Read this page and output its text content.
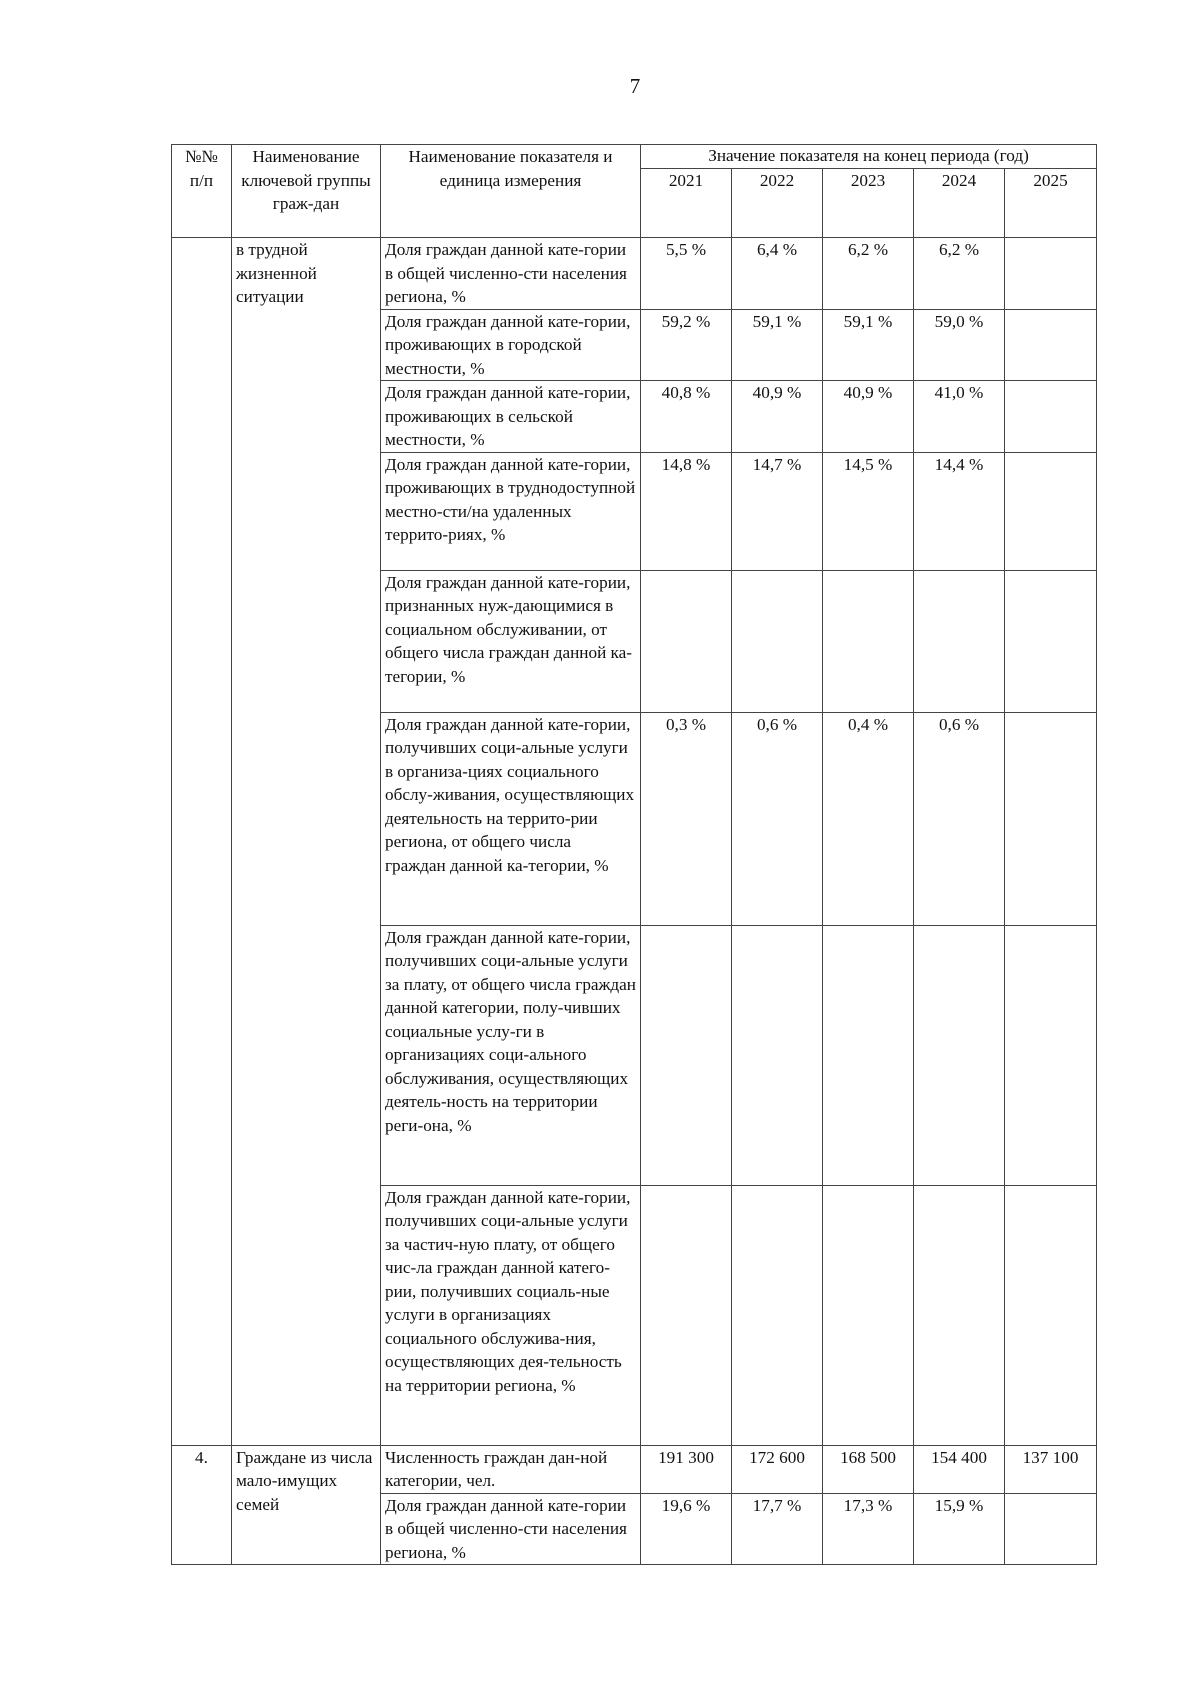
7
№№ п/п	Наименование ключевой группы граж-дан	Наименование показателя и единица измерения	Значение показателя на конец периода (год)				
			2021	2022	2023	2024	2025
	в трудной жизненной ситуации	Доля граждан данной кате-гории в общей численно-сти населения региона, %	5,5 %	6,4 %	6,2 %	6,2 %	
		Доля граждан данной кате-гории, проживающих в городской местности, %	59,2 %	59,1 %	59,1 %	59,0 %	
		Доля граждан данной кате-гории, проживающих в сельской местности, %	40,8 %	40,9 %	40,9 %	41,0 %	
		Доля граждан данной кате-гории, проживающих в труднодоступной местно-сти/на удаленных террито-риях, %	14,8 %	14,7 %	14,5 %	14,4 %	
		Доля граждан данной кате-гории, признанных нуж-дающимися в социальном обслуживании, от общего числа граждан данной ка-тегории, %					
		Доля граждан данной кате-гории, получивших соци-альные услуги в организа-циях социального обслу-живания, осуществляющих деятельность на террито-рии региона, от общего числа граждан данной ка-тегории, %	0,3 %	0,6 %	0,4 %	0,6 %	
		Доля граждан данной кате-гории, получивших соци-альные услуги за плату, от общего числа граждан данной категории, полу-чивших социальные услу-ги в организациях соци-ального обслуживания, осуществляющих деятель-ность на территории реги-она, %					
		Доля граждан данной кате-гории, получивших соци-альные услуги за частич-ную плату, от общего чис-ла граждан данной катего-рии, получивших социаль-ные услуги в организациях социального обслужива-ния, осуществляющих дея-тельность на территории региона, %					
4.	Граждане из числа мало-имущих семей	Численность граждан дан-ной категории, чел.	191 300	172 600	168 500	154 400	137 100
		Доля граждан данной кате-гории в общей численно-сти населения региона, %	19,6 %	17,7 %	17,3 %	15,9 %	
